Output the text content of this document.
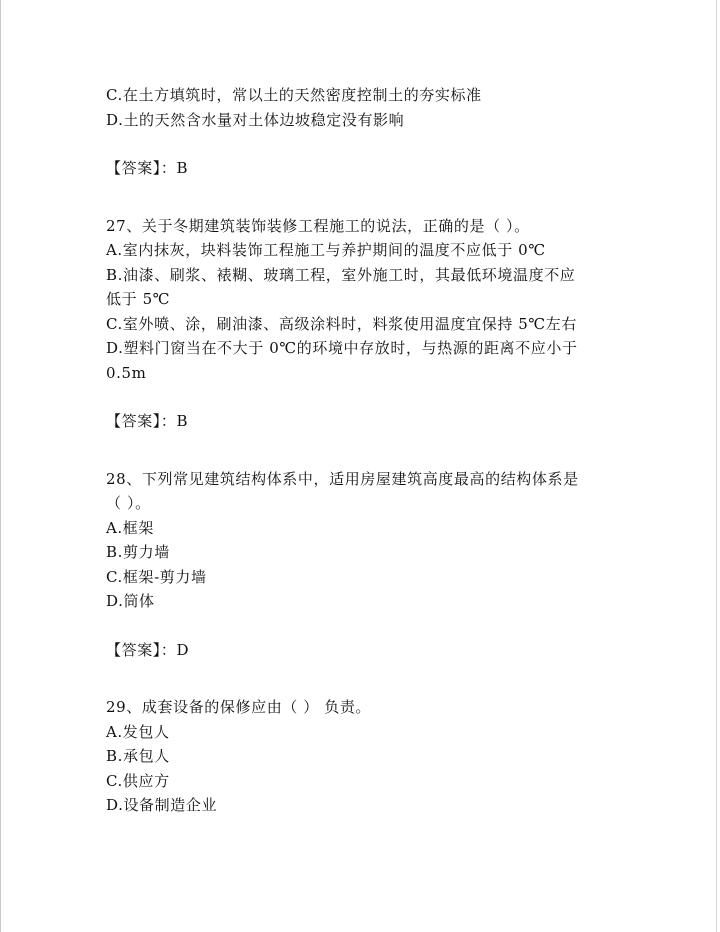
C.在土方填筑时，常以土的天然密度控制土的夯实标准
D.土的天然含水量对土体边坡稳定没有影响
【答案】：B
27、关于冬期建筑装饰装修工程施工的说法，正确的是（ ）。
A.室内抹灰，块料装饰工程施工与养护期间的温度不应低于 0℃
B.油漆、刷浆、裱糊、玻璃工程，室外施工时，其最低环境温度不应
低于 5℃
C.室外喷、涂，刷油漆、高级涂料时，料浆使用温度宜保持 5℃左右
D.塑料门窗当在不大于 0℃的环境中存放时，与热源的距离不应小于
0.5m
【答案】：B
28、下列常见建筑结构体系中，适用房屋建筑高度最高的结构体系是
（ ）。
A.框架
B.剪力墙
C.框架-剪力墙
D.筒体
【答案】：D
29、成套设备的保修应由（ ） 负责。
A.发包人
B.承包人
C.供应方
D.设备制造企业
